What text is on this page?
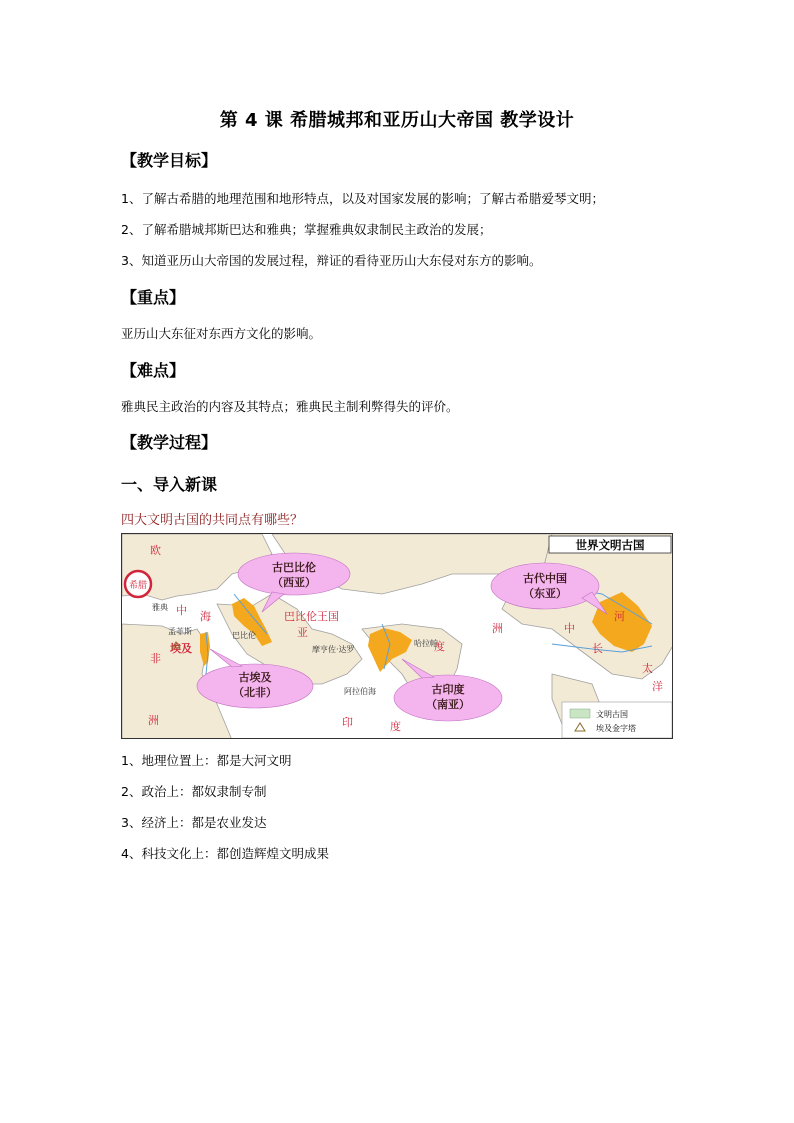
第 4 课 希腊城邦和亚历山大帝国 教学设计
【教学目标】
1、了解古希腊的地理范围和地形特点，以及对国家发展的影响；了解古希腊爱琴文明；
2、了解希腊城邦斯巴达和雅典；掌握雅典奴隶制民主政治的发展；
3、知道亚历山大帝国的发展过程，辩证的看待亚历山大东侵对东方的影响。
【重点】
亚历山大东征对东西方文化的影响。
【难点】
雅典民主政治的内容及其特点；雅典民主制利弊得失的评价。
【教学过程】
一、导入新课
四大文明古国的共同点有哪些？
世界文明古国
希腊
古巴比伦
（西亚）	古代中国
（东亚）
古埃及
（北非）	古印度
（南亚）
欧
中 海
埃及
非
巴比伦王国
亚
度
印	度
洋
洲
洲
中
太
河
长
雅典
孟菲斯	巴比伦
摩亨佐·达罗
哈拉帕
阿拉伯海
文明古国
埃及金字塔
1、地理位置上：都是大河文明
2、政治上：都奴隶制专制
3、经济上：都是农业发达
4、科技文化上：都创造辉煌文明成果
